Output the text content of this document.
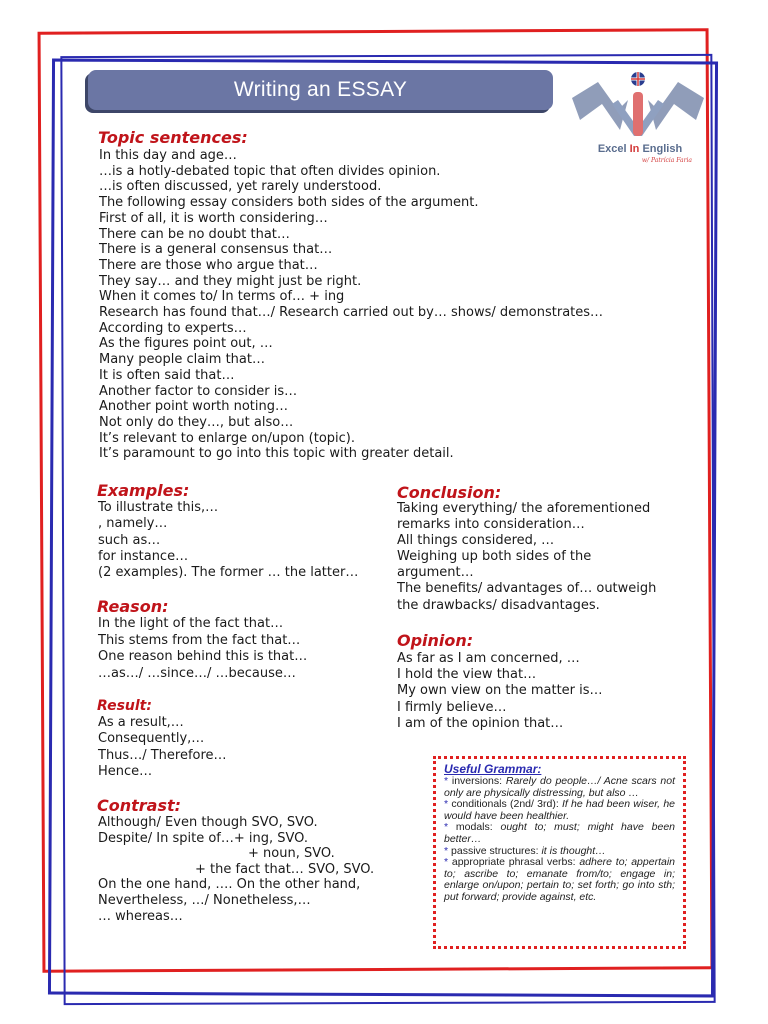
Writing an ESSAY
Excel In English
w/ Patrícia Faria
Topic sentences:
In this day and age…
…is a hotly-debated topic that often divides opinion.
…is often discussed, yet rarely understood.
The following essay considers both sides of the argument.
First of all, it is worth considering…
There can be no doubt that…
There is a general consensus that…
There are those who argue that…
They say… and they might just be right.
When it comes to/ In terms of… + ing
Research has found that…/ Research carried out by… shows/ demonstrates…
According to experts…
As the figures point out, …
Many people claim that…
It is often said that…
Another factor to consider is…
Another point worth noting…
Not only do they…, but also…
It’s relevant to enlarge on/upon (topic).
It’s paramount to go into this topic with greater detail.
Examples:
To illustrate this,…
, namely…
such as…
for instance…
(2 examples). The former … the latter…
Reason:
In the light of the fact that…
This stems from the fact that…
One reason behind this is that…
…as…/ …since…/ …because…
Result:
As a result,…
Consequently,…
Thus…/ Therefore…
Hence…
Contrast:
Although/ Even though SVO, SVO.
Despite/ In spite of…+ ing, SVO.
+ noun, SVO.
+ the fact that… SVO, SVO.
On the one hand, …. On the other hand,
Nevertheless, …/ Nonetheless,…
… whereas…
Conclusion:
Taking everything/ the aforementioned
remarks into consideration…
All things considered, …
Weighing up both sides of the
argument…
The benefits/ advantages of… outweigh
the drawbacks/ disadvantages.
Opinion:
As far as I am concerned, …
I hold the view that…
My own view on the matter is…
I firmly believe…
I am of the opinion that…
Useful Grammar:
* inversions: Rarely do people…/ Acne scars not only are physically distressing, but also …
* conditionals (2nd/ 3rd): If he had been wiser, he would have been healthier.
* modals: ought to; must; might have been better…
* passive structures: it is thought…
* appropriate phrasal verbs: adhere to; appertain to; ascribe to; emanate from/to; engage in; enlarge on/upon; pertain to; set forth; go into sth; put forward; provide against, etc.
